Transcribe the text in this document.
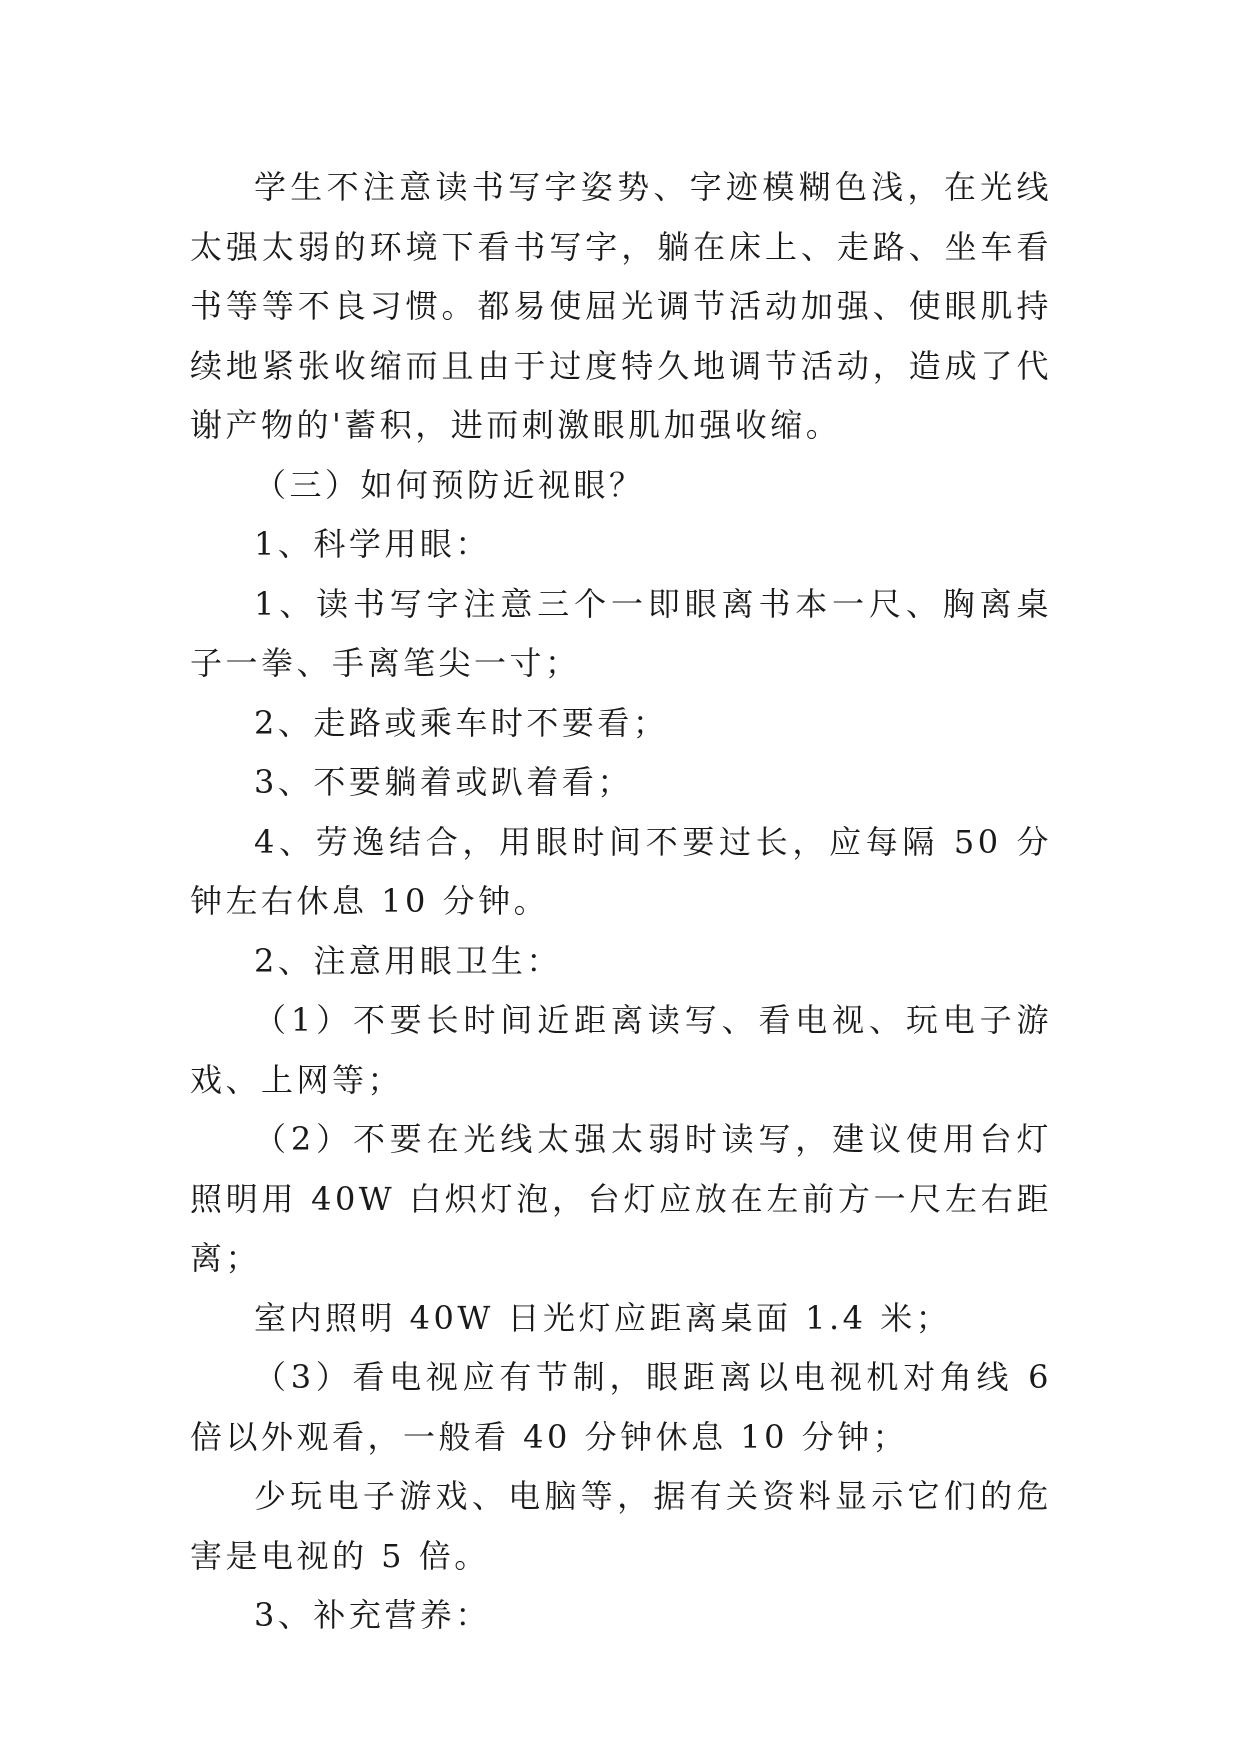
学生不注意读书写字姿势、字迹模糊色浅，在光线太强太弱的环境下看书写字，躺在床上、走路、坐车看书等等不良习惯。都易使屈光调节活动加强、使眼肌持续地紧张收缩而且由于过度特久地调节活动，造成了代谢产物的'蓄积，进而刺激眼肌加强收缩。

（三）如何预防近视眼？

1、科学用眼：

1、读书写字注意三个一即眼离书本一尺、胸离桌子一拳、手离笔尖一寸；

2、走路或乘车时不要看；

3、不要躺着或趴着看；

4、劳逸结合，用眼时间不要过长，应每隔 50 分钟左右休息 10 分钟。

2、注意用眼卫生：

（1）不要长时间近距离读写、看电视、玩电子游戏、上网等；

（2）不要在光线太强太弱时读写，建议使用台灯照明用 40W 白炽灯泡，台灯应放在左前方一尺左右距离；

室内照明 40W 日光灯应距离桌面 1.4 米；

（3）看电视应有节制，眼距离以电视机对角线 6 倍以外观看，一般看 40 分钟休息 10 分钟；

少玩电子游戏、电脑等，据有关资料显示它们的危害是电视的 5 倍。

3、补充营养：
